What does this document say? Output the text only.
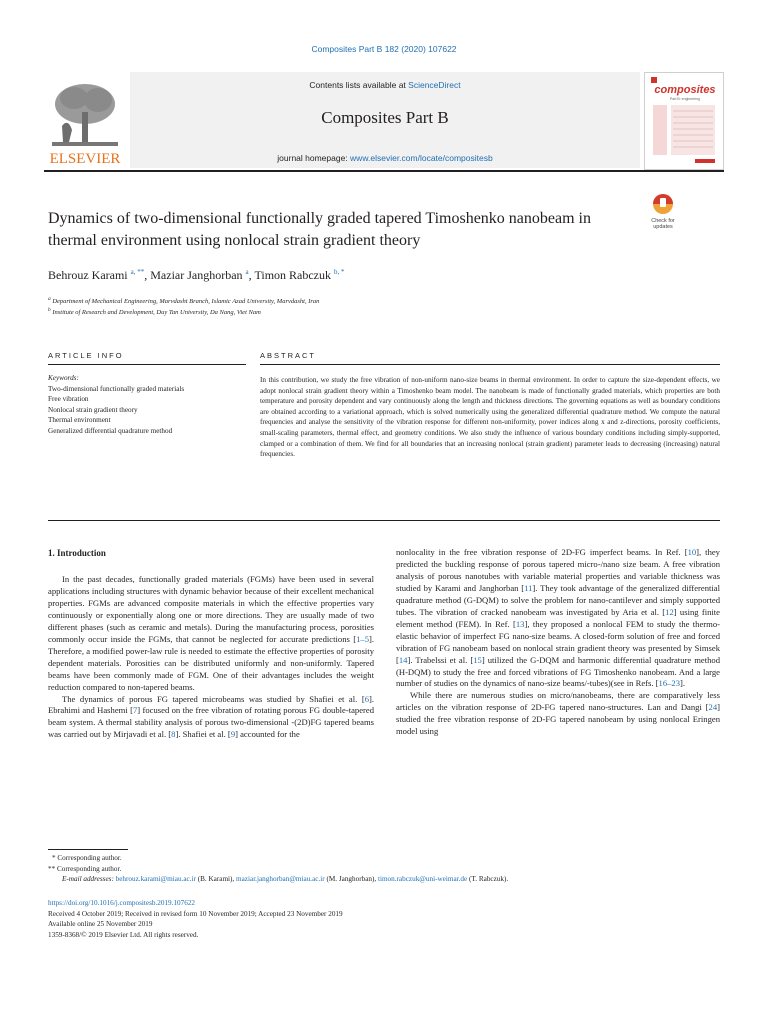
Composites Part B 182 (2020) 107622
Contents lists available at ScienceDirect
Composites Part B
journal homepage: www.elsevier.com/locate/compositesb
ELSEVIER
composites
Part B: engineering
Dynamics of two-dimensional functionally graded tapered Timoshenko nanobeam in thermal environment using nonlocal strain gradient theory
Check for
updates
Behrouz Karami $^{a, **}$, Maziar Janghorban $^a$, Timon Rabczuk $^{b, *}$
$^a$ Department of Mechanical Engineering, Marvdasht Branch, Islamic Azad University, Marvdasht, Iran
$^b$ Institute of Research and Development, Duy Tan University, Da Nang, Viet Nam
ARTICLE INFO	ABSTRACT
Keywords:
Two-dimensional functionally graded materials
Free vibration
Nonlocal strain gradient theory
Thermal environment
Generalized differential quadrature method
In this contribution, we study the free vibration of non-uniform nano-size beams in thermal environment. In order to capture the size-dependent effects, we adopt nonlocal strain gradient theory within a Timoshenko beam model. The nanobeam is made of functionally graded materials, which properties are both temperature and porosity dependent and vary continuously along the length and thickness directions. The governing equations as well as boundary conditions are obtained according to a variational approach, which is solved numerically using the generalized differential quadrature method. We compute the natural frequencies and analyse the sensitivity of the vibration response for different non-uniformity, power indices along x and z-directions, porosity coefficients, small-scaling parameters, thermal effect, and geometry conditions. We also study the influence of various boundary conditions including simply-supported, clamped or a combination of them. We find for all boundaries that an increasing nonlocal (strain gradient) parameter leads to decreasing (increasing) natural frequencies.
1. Introduction

In the past decades, functionally graded materials (FGMs) have been used in several applications including structures with dynamic behavior because of their excellent mechanical properties. FGMs are advanced composite materials in which the effective properties vary continuously or exponentially along one or more directions. They are usually made of two different phases (such as ceramic and metals). During the manufacturing process, porosities commonly occur inside the FGMs, that cannot be neglected for accurate predictions [1–5]. Therefore, a modified power-law rule is needed to estimate the effective properties of porosity dependent materials. Porosities can be distributed uniformly and non-uniformly. Tapered beams have been commonly made of FGM. One of their advantages includes the weight reduction compared to non-tapered beams.

The dynamics of porous FG tapered microbeams was studied by Shafiei et al. [6]. Ebrahimi and Hashemi [7] focused on the free vibration of rotating porous FG double-tapered beam system. A thermal stability analysis of porous two-dimensional -(2D)FG tapered beams was carried out by Mirjavadi et al. [8]. Shafiei et al. [9] accounted for the

nonlocality in the free vibration response of 2D-FG imperfect beams. In Ref. [10], they predicted the buckling response of porous tapered micro-/nano size beam. A free vibration analysis of porous nanotubes with variable material properties and variable thickness was studied by Karami and Janghorban [11]. They took advantage of the generalized differential quadrature method (G-DQM) to solve the problem for nano-cantilever and simply supported tubes. The vibration of cracked nanobeam was investigated by Aria et al. [12] using finite element method (FEM). In Ref. [13], they proposed a nonlocal FEM to study the thermo-elastic behavior of imperfect FG nano-size beams. A closed-form solution of free and forced vibration of FG nanobeam based on nonlocal strain gradient theory was presented by Simsek [14]. Trabelssi et al. [15] utilized the G-DQM and harmonic differential quadrature method (H-DQM) to study the free and forced vibrations of FG Timoshenko nanobeam. And a large number of studies on the dynamics of nano-size beams/-tubes)(see in Refs. [16–23].

While there are numerous studies on micro/nanobeams, there are comparatively less articles on the vibration response of 2D-FG tapered nano-structures. Lan and Dangi [24] studied the free vibration response of 2D-FG tapered nanobeam by using nonlocal Eringen model using

* Corresponding author.
** Corresponding author.
E-mail addresses: behrouz.karami@miau.ac.ir (B. Karami), maziar.janghorban@miau.ac.ir (M. Janghorban), timon.rabczuk@uni-weimar.de (T. Rabczuk).
https://doi.org/10.1016/j.compositesb.2019.107622
Received 4 October 2019; Received in revised form 10 November 2019; Accepted 23 November 2019
Available online 25 November 2019
1359-8368/© 2019 Elsevier Ltd. All rights reserved.
